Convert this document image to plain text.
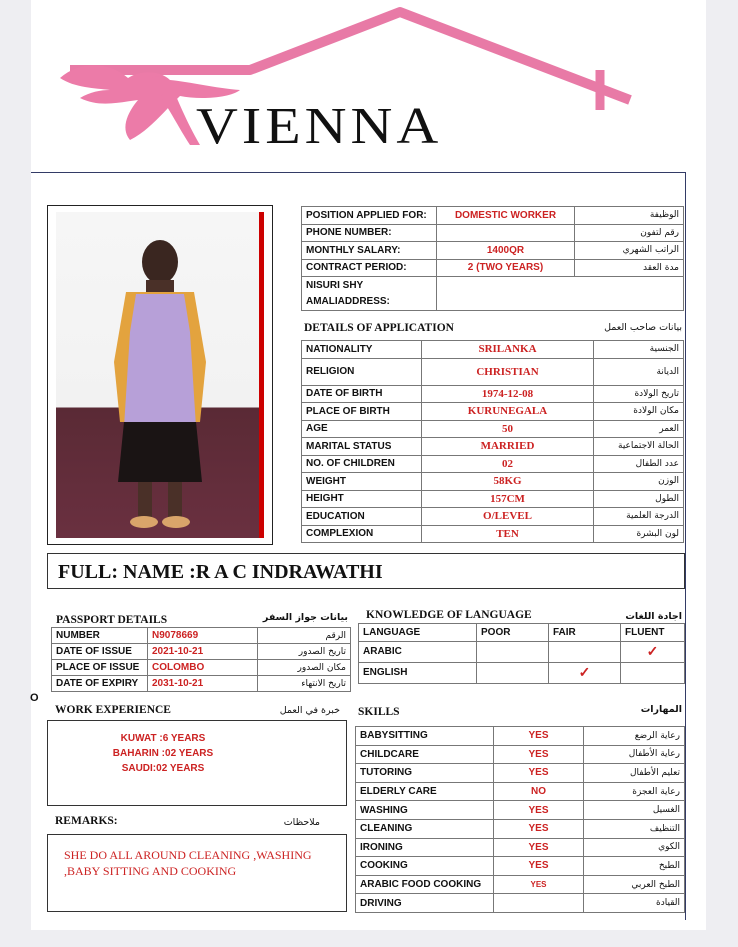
VIENNA
POSITION APPLIED FOR:	DOMESTIC WORKER	الوظيفة
PHONE NUMBER:		رقم لتفون
MONTHLY SALARY:	1400QR	الراتب الشهري
CONTRACT PERIOD:	2 (TWO YEARS)	مدة العقد

NISURI SHY
AMALIADDRESS:		

DETAILS OF APPLICATION	بيانات صاحب العمل
NATIONALITY	SRILANKA	الجنسية
RELIGION	CHRISTIAN	الديانة
DATE OF BIRTH	1974-12-08	تاريخ الولادة
PLACE OF BIRTH	KURUNEGALA	مكان الولادة
AGE	50	العمر
MARITAL STATUS	MARRIED	الحالة الاجتماعية
NO. OF CHILDREN	02	عدد الطفال
WEIGHT	58KG	الوزن
HEIGHT	157CM	الطول
EDUCATION	O/LEVEL	الدرجة العلمية
COMPLEXION	TEN	لون البشرة
FULL: NAME :R A C INDRAWATHI
PASSPORT DETAILS	بيانات جواز السفر
NUMBER	N9078669	الرقم
DATE OF ISSUE	2021-10-21	تاريخ الصدور
PLACE OF ISSUE	COLOMBO	مكان الصدور
DATE OF EXPIRY	2031-10-21	تاريخ الانتهاء
KNOWLEDGE OF LANGUAGE	اجادة اللغات
LANGUAGE	POOR	FAIR	FLUENT
ARABIC			✓
ENGLISH		✓	
O
WORK EXPERIENCE	خبرة في العمل
KUWAT :6 YEARS
BAHARIN :02 YEARS
SAUDI:02 YEARS
REMARKS:	ملاحظات
SHE DO ALL AROUND CLEANING ,WASHING
,BABY SITTING AND COOKING
SKILLS	المهارات
BABYSITTING	YES	رعاية الرضع
CHILDCARE	YES	رعاية الأطفال
TUTORING	YES	تعليم الأطفال
ELDERLY CARE	NO	رعاية العجزة
WASHING	YES	الغسيل
CLEANING	YES	التنظيف
IRONING	YES	الكوي
COOKING	YES	الطبخ
ARABIC FOOD COOKING	YES	الطبخ العربي
DRIVING		القيادة
